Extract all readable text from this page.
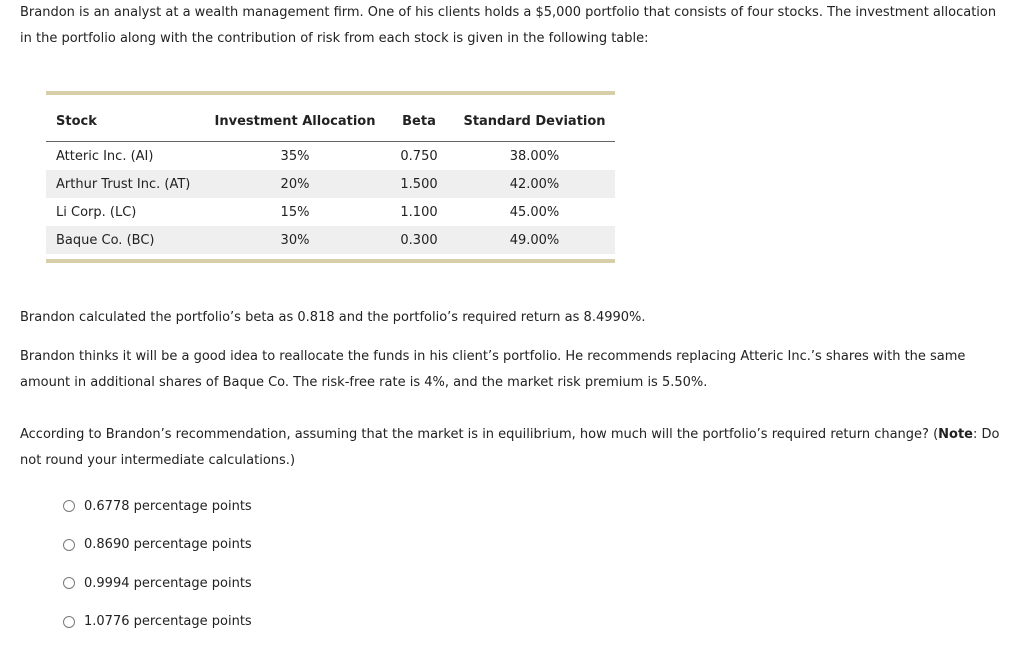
Brandon is an analyst at a wealth management firm. One of his clients holds a $5,000 portfolio that consists of four stocks. The investment allocation in the portfolio along with the contribution of risk from each stock is given in the following table:

Stock	Investment Allocation	Beta	Standard Deviation
Atteric Inc. (AI)	35%	0.750	38.00%
Arthur Trust Inc. (AT)	20%	1.500	42.00%
Li Corp. (LC)	15%	1.100	45.00%
Baque Co. (BC)	30%	0.300	49.00%

Brandon calculated the portfolio’s beta as 0.818 and the portfolio’s required return as 8.4990%.

Brandon thinks it will be a good idea to reallocate the funds in his client’s portfolio. He recommends replacing Atteric Inc.’s shares with the same amount in additional shares of Baque Co. The risk-free rate is 4%, and the market risk premium is 5.50%.

According to Brandon’s recommendation, assuming that the market is in equilibrium, how much will the portfolio’s required return change? (Note: Do not round your intermediate calculations.)

0.6778 percentage points
0.8690 percentage points
0.9994 percentage points
1.0776 percentage points
